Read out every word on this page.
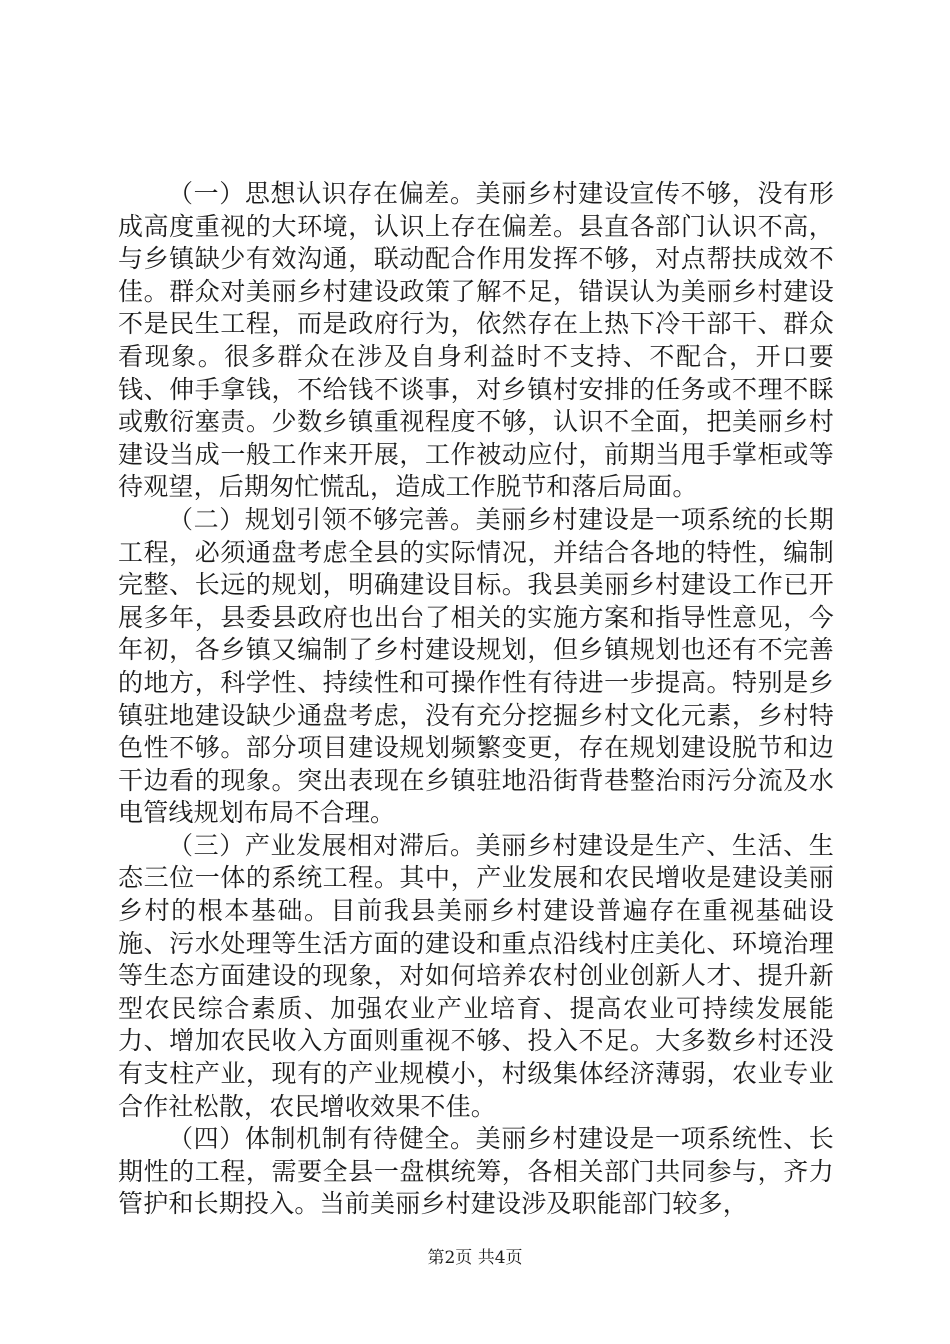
（一）思想认识存在偏差。美丽乡村建设宣传不够，没有形成高度重视的大环境，认识上存在偏差。县直各部门认识不高，与乡镇缺少有效沟通，联动配合作用发挥不够，对点帮扶成效不佳。群众对美丽乡村建设政策了解不足，错误认为美丽乡村建设不是民生工程，而是政府行为，依然存在上热下冷干部干、群众看现象。很多群众在涉及自身利益时不支持、不配合，开口要钱、伸手拿钱，不给钱不谈事，对乡镇村安排的任务或不理不睬或敷衍塞责。少数乡镇重视程度不够，认识不全面，把美丽乡村建设当成一般工作来开展，工作被动应付，前期当甩手掌柜或等待观望，后期匆忙慌乱，造成工作脱节和落后局面。

（二）规划引领不够完善。美丽乡村建设是一项系统的长期工程，必须通盘考虑全县的实际情况，并结合各地的特性，编制完整、长远的规划，明确建设目标。我县美丽乡村建设工作已开展多年，县委县政府也出台了相关的实施方案和指导性意见，今年初，各乡镇又编制了乡村建设规划，但乡镇规划也还有不完善的地方，科学性、持续性和可操作性有待进一步提高。特别是乡镇驻地建设缺少通盘考虑，没有充分挖掘乡村文化元素，乡村特色性不够。部分项目建设规划频繁变更，存在规划建设脱节和边干边看的现象。突出表现在乡镇驻地沿街背巷整治雨污分流及水电管线规划布局不合理。

（三）产业发展相对滞后。美丽乡村建设是生产、生活、生态三位一体的系统工程。其中，产业发展和农民增收是建设美丽乡村的根本基础。目前我县美丽乡村建设普遍存在重视基础设施、污水处理等生活方面的建设和重点沿线村庄美化、环境治理等生态方面建设的现象，对如何培养农村创业创新人才、提升新型农民综合素质、加强农业产业培育、提高农业可持续发展能力、增加农民收入方面则重视不够、投入不足。大多数乡村还没有支柱产业，现有的产业规模小，村级集体经济薄弱，农业专业合作社松散，农民增收效果不佳。

（四）体制机制有待健全。美丽乡村建设是一项系统性、长期性的工程，需要全县一盘棋统筹，各相关部门共同参与，齐力管护和长期投入。当前美丽乡村建设涉及职能部门较多，

第2页 共4页
